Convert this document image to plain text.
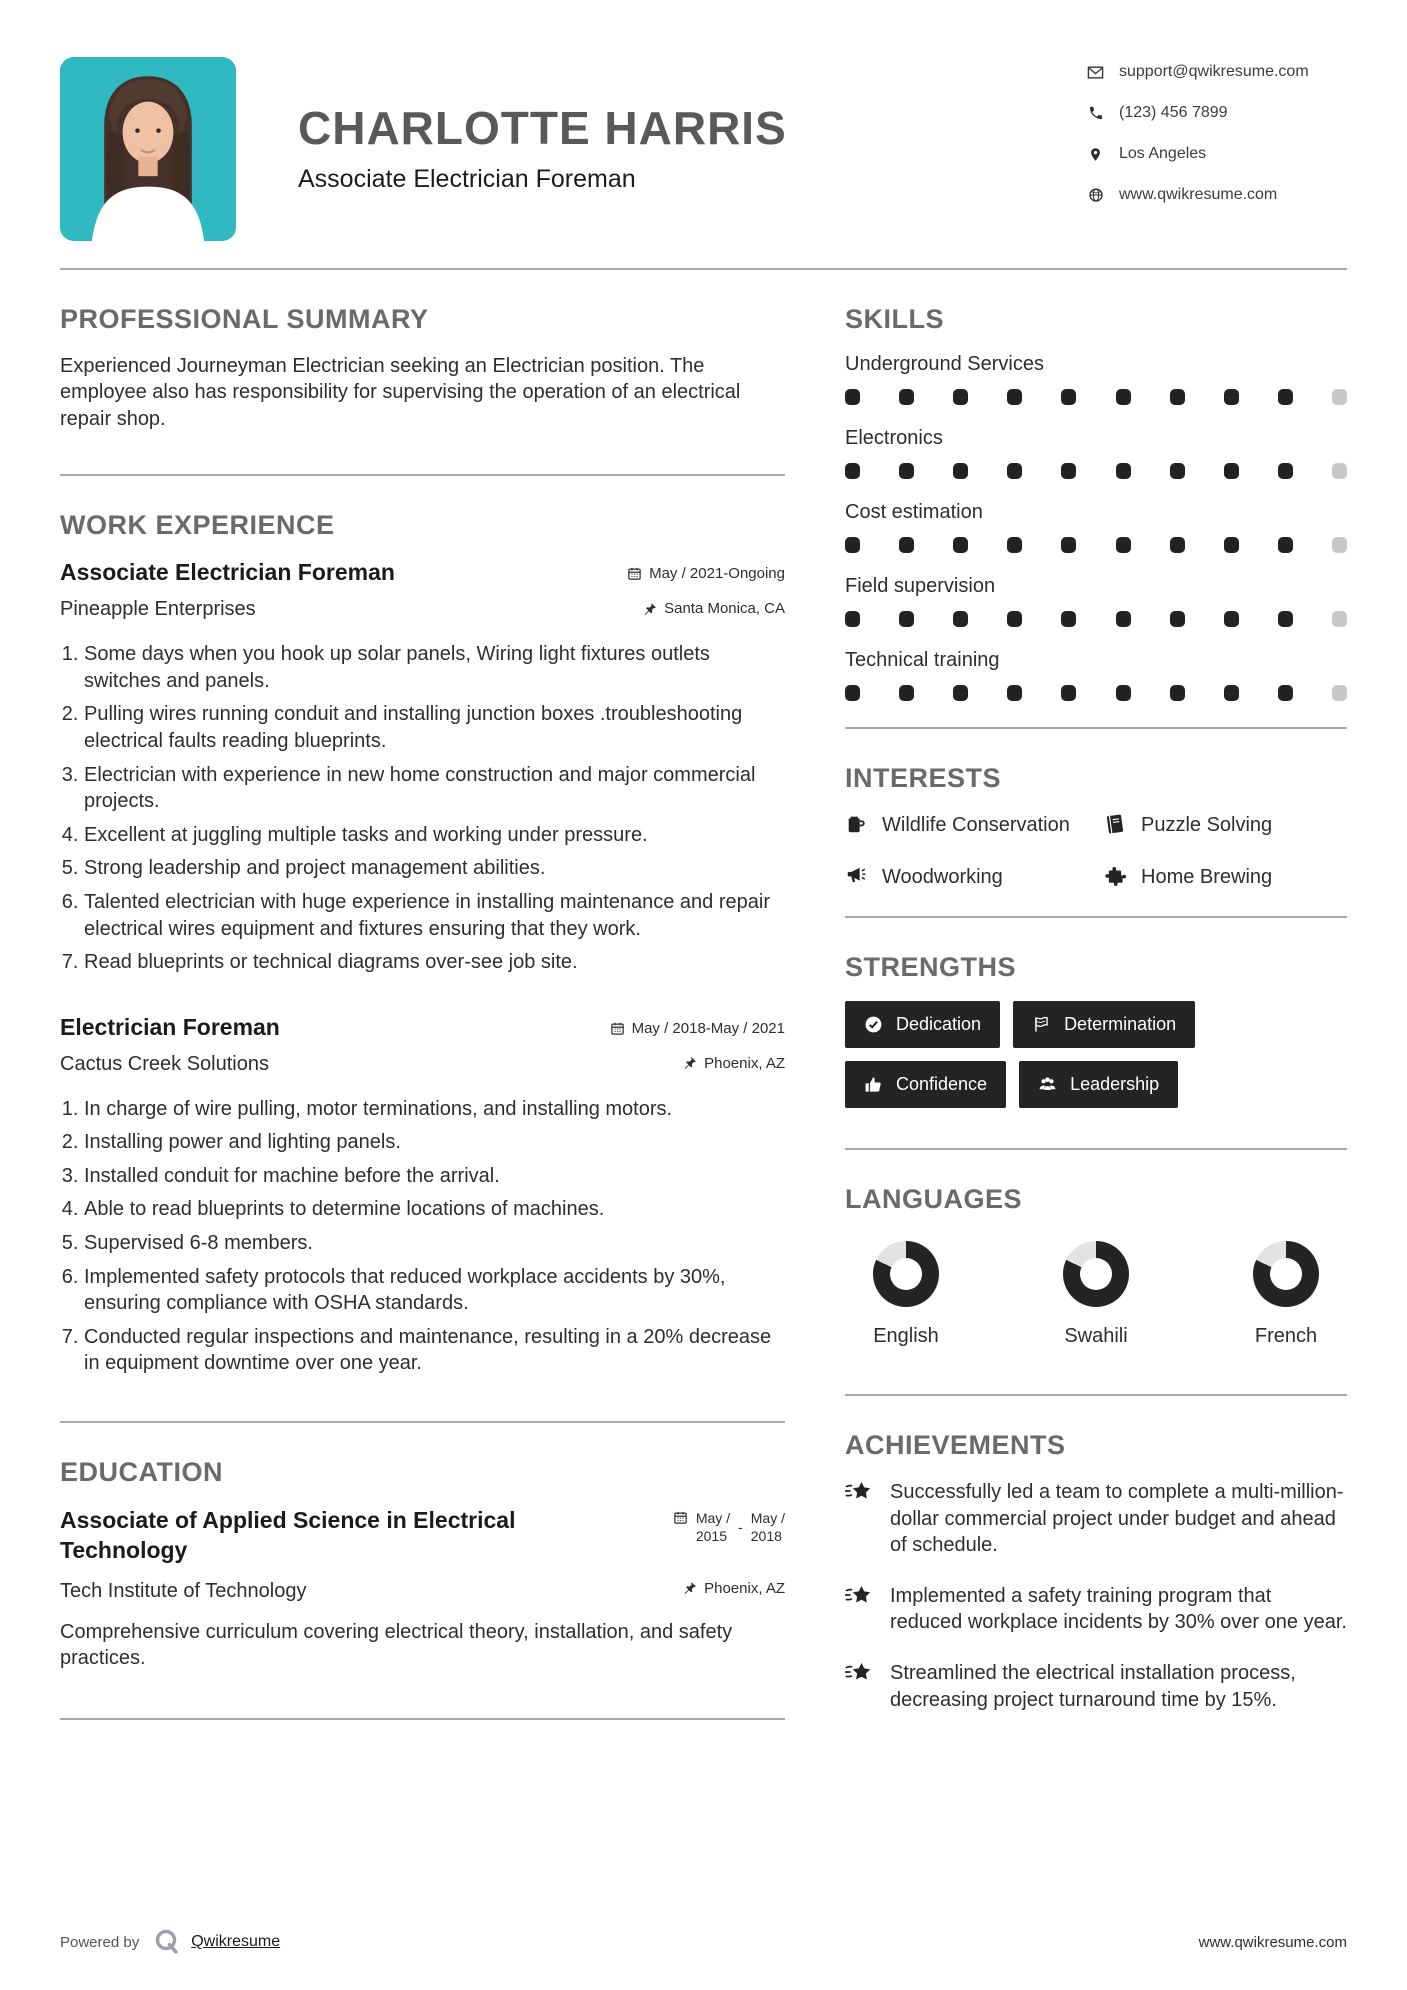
CHARLOTTE HARRIS
Associate Electrician Foreman
support@qwikresume.com
(123) 456 7899
Los Angeles
www.qwikresume.com
PROFESSIONAL SUMMARY
Experienced Journeyman Electrician seeking an Electrician position. The employee also has responsibility for supervising the operation of an electrical repair shop.
WORK EXPERIENCE
Associate Electrician Foreman	May / 2021-Ongoing
Pineapple Enterprises	Santa Monica, CA
1. Some days when you hook up solar panels, Wiring light fixtures outlets switches and panels.
2. Pulling wires running conduit and installing junction boxes .troubleshooting electrical faults reading blueprints.
3. Electrician with experience in new home construction and major commercial projects.
4. Excellent at juggling multiple tasks and working under pressure.
5. Strong leadership and project management abilities.
6. Talented electrician with huge experience in installing maintenance and repair electrical wires equipment and fixtures ensuring that they work.
7. Read blueprints or technical diagrams over-see job site.
Electrician Foreman	May / 2018-May / 2021
Cactus Creek Solutions	Phoenix, AZ
1. In charge of wire pulling, motor terminations, and installing motors.
2. Installing power and lighting panels.
3. Installed conduit for machine before the arrival.
4. Able to read blueprints to determine locations of machines.
5. Supervised 6-8 members.
6. Implemented safety protocols that reduced workplace accidents by 30%, ensuring compliance with OSHA standards.
7. Conducted regular inspections and maintenance, resulting in a 20% decrease in equipment downtime over one year.
EDUCATION
Associate of Applied Science in Electrical Technology
May /
2015
-
May /
2018
Tech Institute of Technology	Phoenix, AZ
Comprehensive curriculum covering electrical theory, installation, and safety practices.
SKILLS
Underground Services
Electronics
Cost estimation
Field supervision
Technical training
INTERESTS
Wildlife Conservation	Puzzle Solving
Woodworking	Home Brewing
STRENGTHS
Dedication	Determination
Confidence	Leadership
LANGUAGES
English	Swahili	French
ACHIEVEMENTS
Successfully led a team to complete a multi-million-dollar commercial project under budget and ahead of schedule.
Implemented a safety training program that reduced workplace incidents by 30% over one year.
Streamlined the electrical installation process, decreasing project turnaround time by 15%.
Powered by	Qwikresume	www.qwikresume.com
